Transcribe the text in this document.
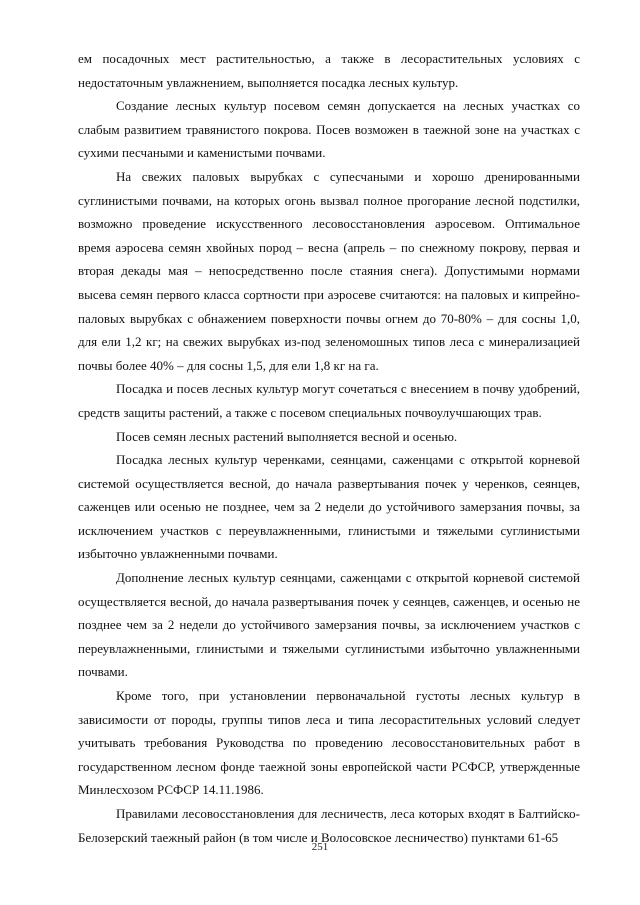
ем посадочных мест растительностью, а также в лесорастительных условиях с недостаточным увлажнением, выполняется посадка лесных культур.

Создание лесных культур посевом семян допускается на лесных участках со слабым развитием травянистого покрова. Посев возможен в таежной зоне на участках с сухими песчаными и каменистыми почвами.

На свежих паловых вырубках с супесчаными и хорошо дренированными суглинистыми почвами, на которых огонь вызвал полное прогорание лесной подстилки, возможно проведение искусственного лесовосстановления аэросевом. Оптимальное время аэросева семян хвойных пород – весна (апрель – по снежному покрову, первая и вторая декады мая – непосредственно после стаяния снега). Допустимыми нормами высева семян первого класса сортности при аэросеве считаются: на паловых и кипрейно-паловых вырубках с обнажением поверхности почвы огнем до 70-80% – для сосны 1,0, для ели 1,2 кг; на свежих вырубках из-под зеленомошных типов леса с минерализацией почвы более 40% – для сосны 1,5, для ели 1,8 кг на га.

Посадка и посев лесных культур могут сочетаться с внесением в почву удобрений, средств защиты растений, а также с посевом специальных почвоулучшающих трав.

Посев семян лесных растений выполняется весной и осенью.

Посадка лесных культур черенками, сеянцами, саженцами с открытой корневой системой осуществляется весной, до начала развертывания почек у черенков, сеянцев, саженцев или осенью не позднее, чем за 2 недели до устойчивого замерзания почвы, за исключением участков с переувлажненными, глинистыми и тяжелыми суглинистыми избыточно увлажненными почвами.

Дополнение лесных культур сеянцами, саженцами с открытой корневой системой осуществляется весной, до начала развертывания почек у сеянцев, саженцев, и осенью не позднее чем за 2 недели до устойчивого замерзания почвы, за исключением участков с переувлажненными, глинистыми и тяжелыми суглинистыми избыточно увлажненными почвами.

Кроме того, при установлении первоначальной густоты лесных культур в зависимости от породы, группы типов леса и типа лесорастительных условий следует учитывать требования Руководства по проведению лесовосстановительных работ в государственном лесном фонде таежной зоны европейской части РСФСР, утвержденные Минлесхозом РСФСР 14.11.1986.

Правилами лесовосстановления для лесничеств, леса которых входят в Балтийско-Белозерский таежный район (в том числе и Волосовское лесничество) пунктами 61-65

251
